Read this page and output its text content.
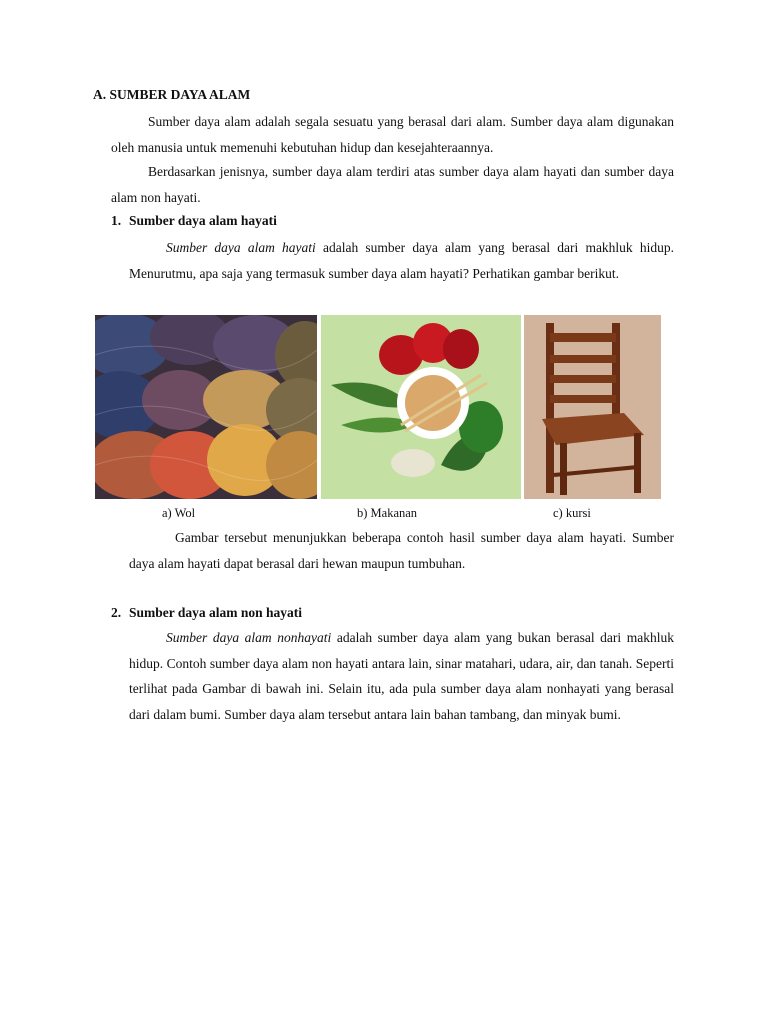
A. SUMBER DAYA ALAM

Sumber daya alam adalah segala sesuatu yang berasal dari alam. Sumber daya alam digunakan oleh manusia untuk memenuhi kebutuhan hidup dan kesejahteraannya.

Berdasarkan jenisnya, sumber daya alam terdiri atas sumber daya alam hayati dan sumber daya alam non hayati.

1. Sumber daya alam hayati

Sumber daya alam hayati adalah sumber daya alam yang berasal dari makhluk hidup. Menurutmu, apa saja yang termasuk sumber daya alam hayati? Perhatikan gambar berikut.

a) Wol	b) Makanan	c) kursi

Gambar tersebut menunjukkan beberapa contoh hasil sumber daya alam hayati. Sumber daya alam hayati dapat berasal dari hewan maupun tumbuhan.

2. Sumber daya alam non hayati

Sumber daya alam nonhayati adalah sumber daya alam yang bukan berasal dari makhluk hidup. Contoh sumber daya alam non hayati antara lain, sinar matahari, udara, air, dan tanah. Seperti terlihat pada Gambar di bawah ini. Selain itu, ada pula sumber daya alam nonhayati yang berasal dari dalam bumi. Sumber daya alam tersebut antara lain bahan tambang, dan minyak bumi.
